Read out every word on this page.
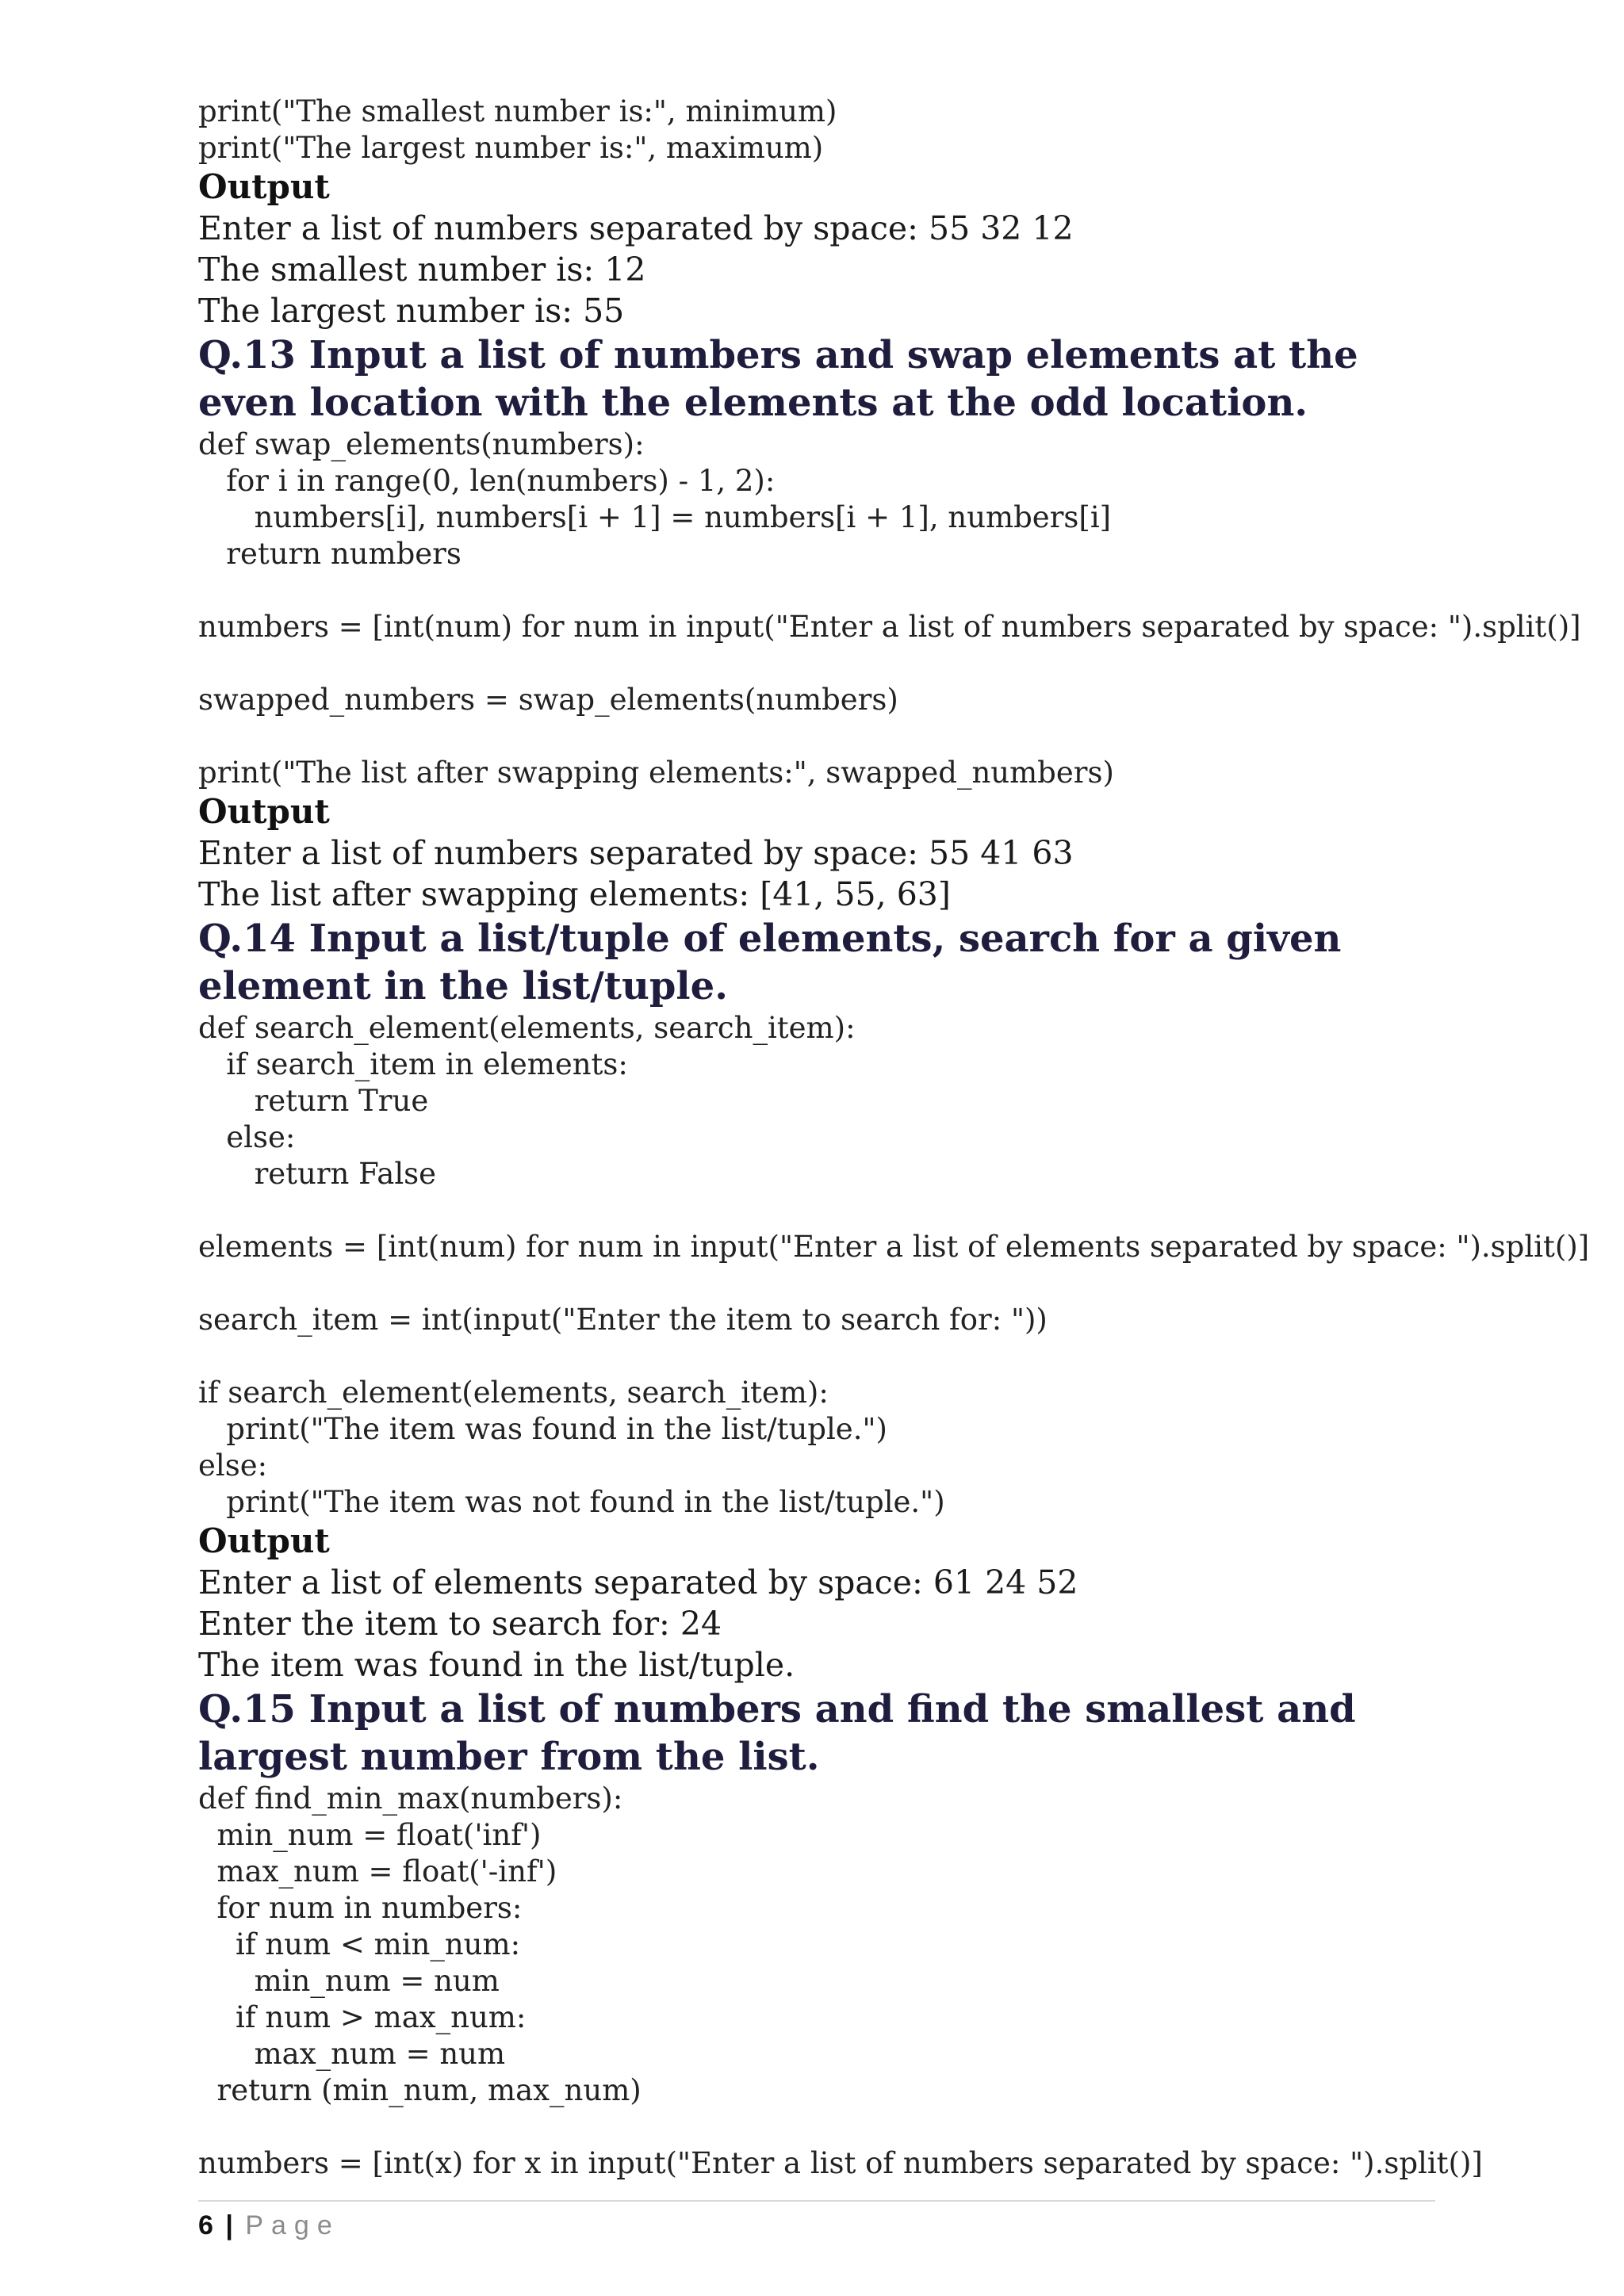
print("The smallest number is:", minimum)
print("The largest number is:", maximum)
Output
Enter a list of numbers separated by space: 55 32 12
The smallest number is: 12
The largest number is: 55
Q.13 Input a list of numbers and swap elements at the even location with the elements at the odd location.
def swap_elements(numbers):
for i in range(0, len(numbers) - 1, 2):
numbers[i], numbers[i + 1] = numbers[i + 1], numbers[i]
return numbers
numbers = [int(num) for num in input("Enter a list of numbers separated by space: ").split()]
swapped_numbers = swap_elements(numbers)
print("The list after swapping elements:", swapped_numbers)
Output
Enter a list of numbers separated by space: 55 41 63
The list after swapping elements: [41, 55, 63]
Q.14 Input a list/tuple of elements, search for a given element in the list/tuple.
def search_element(elements, search_item):
if search_item in elements:
return True
else:
return False
elements = [int(num) for num in input("Enter a list of elements separated by space: ").split()]
search_item = int(input("Enter the item to search for: "))
if search_element(elements, search_item):
print("The item was found in the list/tuple.")
else:
print("The item was not found in the list/tuple.")
Output
Enter a list of elements separated by space: 61 24 52
Enter the item to search for: 24
The item was found in the list/tuple.
Q.15 Input a list of numbers and find the smallest and largest number from the list.
def find_min_max(numbers):
min_num = float('inf')
max_num = float('-inf')
for num in numbers:
if num < min_num:
min_num = num
if num > max_num:
max_num = num
return (min_num, max_num)
numbers = [int(x) for x in input("Enter a list of numbers separated by space: ").split()]
6 | Page
